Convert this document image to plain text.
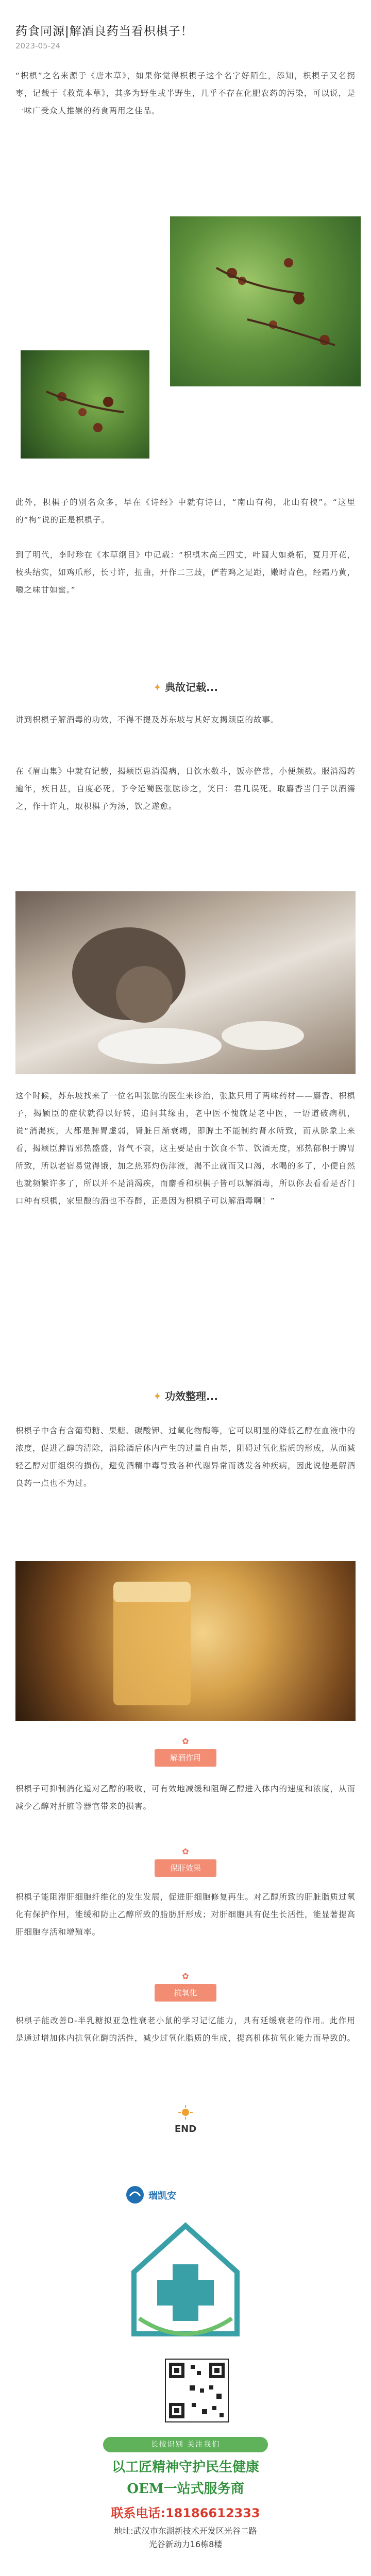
药食同源|解酒良药当看枳椇子！
2023-05-24
“枳椇”之名来源于《唐本草》，如果你觉得枳椇子这个名字好陌生，添知，枳椇子又名拐枣，记载于《救荒本草》，其多为野生或半野生，几乎不存在化肥农药的污染，可以说，是一味广受众人推崇的药食两用之佳品。
此外，枳椇子的别名众多，早在《诗经》中就有诗曰，“南山有枸，北山有楰”。“这里的“枸”说的正是枳椇子。
到了明代，李时珍在《本草纲目》中记载：“枳椇木高三四丈，叶圆大如桑柘，夏月开花，枝头结实，如鸡爪形，长寸许，扭曲，开作二三歧，俨若鸡之足距，嫩时青色，经霜乃黄，嚼之味甘如蜜。”
✦ 典故记载...
讲到枳椇子解酒毒的功效，不得不提及苏东坡与其好友揭颖臣的故事。
在《眉山集》中就有记载，揭颖臣患消渴病，日饮水数斗，饭亦倍常，小便频数。服消渴药逾年，疾日甚，自度必死。予令延蜀医张肱诊之，笑曰：君几误死。取麝香当门子以酒濡之，作十许丸，取枳椇子为汤，饮之遂愈。
这个时候，苏东坡找来了一位名叫张肱的医生来诊治，张肱只用了两味药材——麝香、枳椇子，揭颖臣的症状就得以好转，追问其缘由，老中医不愧就是老中医，一语道破病机，说“消渴疾，大都是脾胃虚弱，肾脏日渐衰竭，即脾土不能制约肾水所致，而从脉象上来看，揭颖臣脾胃邪热盛盛，肾气不衰，这主要是由于饮食不节、饮酒无度，邪热郁积于脾胃所致，所以老宿易觉得饿，加之热邪灼伤津液，渴不止就而又口渴，水喝的多了，小便自然也就频繁许多了，所以并不是消渴疾，而麝香和枳椇子皆可以解酒毒，所以你去看看是否门口种有枳椇，家里酿的酒也不吞醉，正是因为枳椇子可以解酒毒啊！”
✦ 功效整理...
枳椇子中含有含葡萄糖、果糖、碳酸钾、过氧化物酶等，它可以明显的降低乙醇在血液中的浓度，促进乙醇的清除，消除酒后体内产生的过量自由基，阻碍过氧化脂质的形成，从而减轻乙醇对肝组织的损伤，避免酒精中毒导致各种代谢异常而诱发各种疾病，因此说他是解酒良药一点也不为过。
✿
解酒作用
枳椇子可抑制消化道对乙醇的吸收，可有效地减缓和阻碍乙醇进入体内的速度和浓度，从而减少乙醇对肝脏等器官带来的损害。
✿
保肝效果
枳椇子能阻滞肝细胞纤维化的发生发展，促进肝细胞修复再生。对乙醇所致的肝脏脂质过氧化有保护作用，能缓和防止乙醇所致的脂肪肝形成；对肝细胞具有促生长活性，能显著提高肝细胞存活和增殖率。
✿
抗氧化
枳椇子能改善D-半乳糖拟亚急性衰老小鼠的学习记忆能力，具有延缓衰老的作用。此作用是通过增加体内抗氧化酶的活性，减少过氧化脂质的生成，提高机体抗氧化能力而导致的。
END
瑞凯安
长按识别 关注我们
以工匠精神守护民生健康
OEM一站式服务商
联系电话:18186612333
地址:武汉市东湖新技术开发区光谷二路
光谷新动力16栋8楼
